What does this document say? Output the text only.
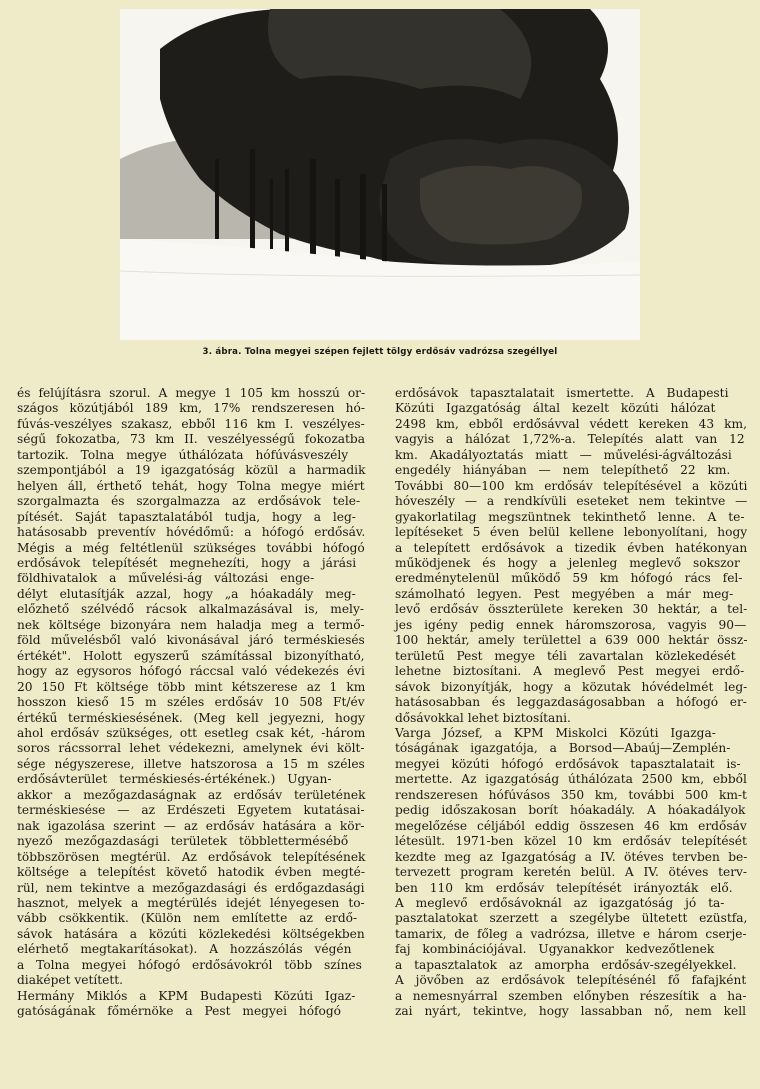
3. ábra. Tolna megyei szépen fejlett tölgy erdősáv vadrózsa szegéllyel

és felújításra szorul. A megye 1 105 km hosszú or-

szágos közútjából 189 km, 17% rendszeresen hó-

fúvás-veszélyes szakasz, ebből 116 km I. veszélyes-

ségű fokozatba, 73 km II. veszélyességű fokozatba

tartozik. Tolna megye úthálózata hófúvásveszély

szempontjából a 19 igazgatóság közül a harmadik

helyen áll, érthető tehát, hogy Tolna megye miért

szorgalmazta és szorgalmazza az erdősávok tele-

pítését. Saját tapasztalatából tudja, hogy a leg-

hatásosabb preventív hóvédőmű: a hófogó erdősáv.

Mégis a még feltétlenül szükséges további hófogó

erdősávok telepítését megnehezíti, hogy a járási

földhivatalok a művelési-ág változási enge-

délyt elutasítják azzal, hogy „a hóakadály meg-

előzhető szélvédő rácsok alkalmazásával is, mely-

nek költsége bizonyára nem haladja meg a termő-

föld művelésből való kivonásával járó terméskiesés

értékét". Holott egyszerű számítással bizonyítható,

hogy az egysoros hófogó ráccsal való védekezés évi

20 150 Ft költsége több mint kétszerese az 1 km

hosszon kieső 15 m széles erdősáv 10 508 Ft/év

értékű terméskiesésének. (Meg kell jegyezni, hogy

ahol erdősáv szükséges, ott esetleg csak két, -három

soros rácssorral lehet védekezni, amelynek évi költ-

sége négyszerese, illetve hatszorosa a 15 m széles

erdősávterület terméskiesés-értékének.) Ugyan-

akkor a mezőgazdaságnak az erdősáv területének

terméskiesése — az Erdészeti Egyetem kutatásai-

nak igazolása szerint — az erdősáv hatására a kör-

nyező mezőgazdasági területek többlettermésébő

többszörösen megtérül. Az erdősávok telepítésének

költsége a telepítést követő hatodik évben megté-

rül, nem tekintve a mezőgazdasági és erdőgazdasági

hasznot, melyek a megtérülés idejét lényegesen to-

vább csökkentik. (Külön nem említette az erdő-

sávok hatására a közúti közlekedési költségekben

elérhető megtakarításokat). A hozzászólás végén

a Tolna megyei hófogó erdősávokról több színes

diaképet vetített.

Hermány Miklós a KPM Budapesti Közúti Igaz-

gatóságának főmérnöke a Pest megyei hófogó

erdősávok tapasztalatait ismertette. A Budapesti

Közúti Igazgatóság által kezelt közúti hálózat

2498 km, ebből erdősávval védett kereken 43 km,

vagyis a hálózat 1,72%-a. Telepítés alatt van 12

km. Akadályoztatás miatt — művelési-ágváltozási

engedély hiányában — nem telepíthető 22 km.

További 80—100 km erdősáv telepítésével a közúti

hóveszély — a rendkívüli eseteket nem tekintve —

gyakorlatilag megszüntnek tekinthető lenne. A te-

lepítéseket 5 éven belül kellene lebonyolítani, hogy

a telepített erdősávok a tizedik évben hatékonyan

működjenek és hogy a jelenleg meglevő sokszor

eredménytelenül működő 59 km hófogó rács fel-

számolható legyen. Pest megyében a már meg-

levő erdősáv összterülete kereken 30 hektár, a tel-

jes igény pedig ennek háromszorosa, vagyis 90—

100 hektár, amely területtel a 639 000 hektár össz-

területű Pest megye téli zavartalan közlekedését

lehetne biztosítani. A meglevő Pest megyei erdő-

sávok bizonyítják, hogy a közutak hóvédelmét leg-

hatásosabban és leggazdaságosabban a hófogó er-

dősávokkal lehet biztosítani.

Varga József, a KPM Miskolci Közúti Igazga-

tóságának igazgatója, a Borsod—Abaúj—Zemplén-

megyei közúti hófogó erdősávok tapasztalatait is-

mertette. Az igazgatóság úthálózata 2500 km, ebből

rendszeresen hófúvásos 350 km, további 500 km-t

pedig időszakosan borít hóakadály. A hóakadályok

megelőzése céljából eddig összesen 46 km erdősáv

létesült. 1971-ben közel 10 km erdősáv telepítését

kezdte meg az Igazgatóság a IV. ötéves tervben be-

tervezett program keretén belül. A IV. ötéves terv-

ben 110 km erdősáv telepítését irányozták elő.

A meglevő erdősávoknál az igazgatóság jó ta-

pasztalatokat szerzett a szegélybe ültetett ezüstfa,

tamarix, de főleg a vadrózsa, illetve e három cserje-

faj kombinációjával. Ugyanakkor kedvezőtlenek

a tapasztalatok az amorpha erdősáv-szegélyekkel.

A jövőben az erdősávok telepítésénél fő fafajként

a nemesnyárral szemben előnyben részesítik a ha-

zai nyárt, tekintve, hogy lassabban nő, nem kell
